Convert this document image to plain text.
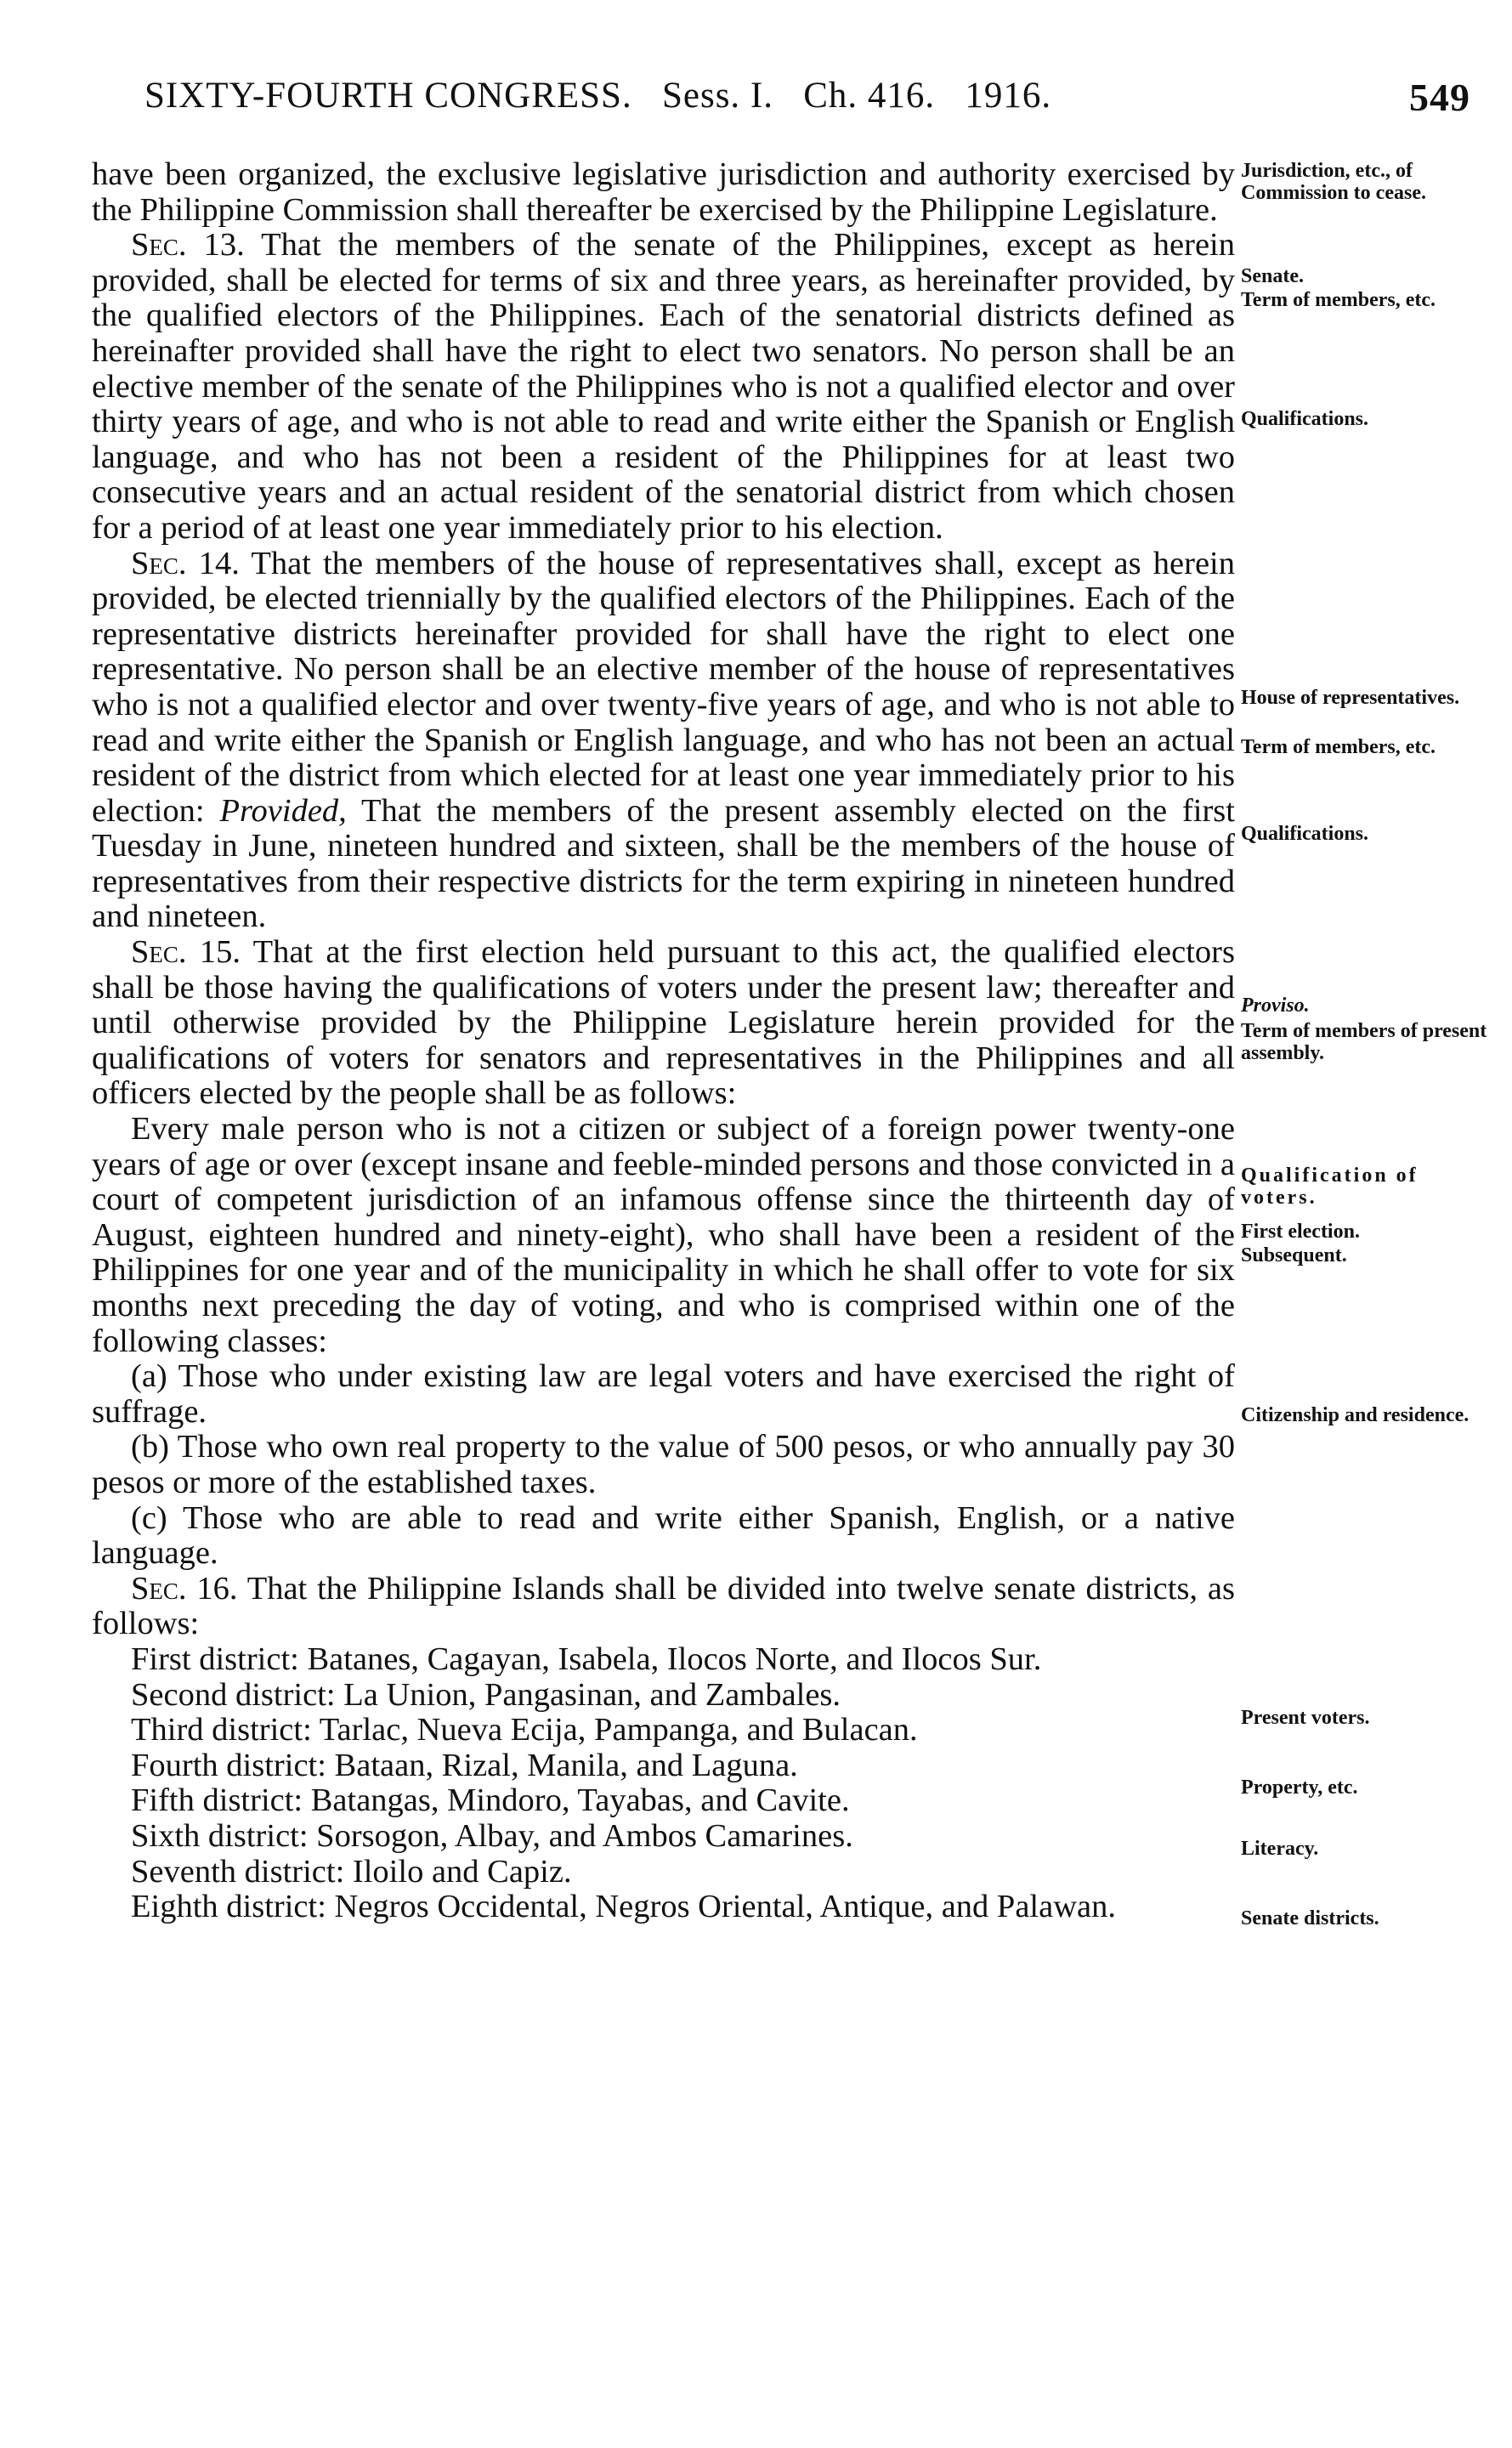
SIXTY-FOURTH CONGRESS.   Sess. I.   Ch. 416.   1916.	549

have been organized, the exclusive legislative jurisdiction and authority exercised by the Philippine Commission shall thereafter be exercised by the Philippine Legislature.

Sec. 13. That the members of the senate of the Philippines, except as herein provided, shall be elected for terms of six and three years, as hereinafter provided, by the qualified electors of the Philippines. Each of the senatorial districts defined as hereinafter provided shall have the right to elect two senators. No person shall be an elective member of the senate of the Philippines who is not a qualified elector and over thirty years of age, and who is not able to read and write either the Spanish or English language, and who has not been a resident of the Philippines for at least two consecutive years and an actual resident of the senatorial district from which chosen for a period of at least one year immediately prior to his election.

Sec. 14. That the members of the house of representatives shall, except as herein provided, be elected triennially by the qualified electors of the Philippines. Each of the representative districts hereinafter provided for shall have the right to elect one representative. No person shall be an elective member of the house of representatives who is not a qualified elector and over twenty-five years of age, and who is not able to read and write either the Spanish or English language, and who has not been an actual resident of the district from which elected for at least one year immediately prior to his election: Provided, That the members of the present assembly elected on the first Tuesday in June, nineteen hundred and sixteen, shall be the members of the house of representatives from their respective districts for the term expiring in nineteen hundred and nineteen.

Sec. 15. That at the first election held pursuant to this act, the qualified electors shall be those having the qualifications of voters under the present law; thereafter and until otherwise provided by the Philippine Legislature herein provided for the qualifications of voters for senators and representatives in the Philippines and all officers elected by the people shall be as follows:

Every male person who is not a citizen or subject of a foreign power twenty-one years of age or over (except insane and feeble-minded persons and those convicted in a court of competent jurisdiction of an infamous offense since the thirteenth day of August, eighteen hundred and ninety-eight), who shall have been a resident of the Philippines for one year and of the municipality in which he shall offer to vote for six months next preceding the day of voting, and who is comprised within one of the following classes:

(a) Those who under existing law are legal voters and have exercised the right of suffrage.

(b) Those who own real property to the value of 500 pesos, or who annually pay 30 pesos or more of the established taxes.

(c) Those who are able to read and write either Spanish, English, or a native language.

Sec. 16. That the Philippine Islands shall be divided into twelve senate districts, as follows:

First district: Batanes, Cagayan, Isabela, Ilocos Norte, and Ilocos Sur.

Second district: La Union, Pangasinan, and Zambales.

Third district: Tarlac, Nueva Ecija, Pampanga, and Bulacan.

Fourth district: Bataan, Rizal, Manila, and Laguna.

Fifth district: Batangas, Mindoro, Tayabas, and Cavite.

Sixth district: Sorsogon, Albay, and Ambos Camarines.

Seventh district: Iloilo and Capiz.

Eighth district: Negros Occidental, Negros Oriental, Antique, and Palawan.

Jurisdiction, etc., of Commission to cease.
Senate.
Term of members, etc.
Qualifications.
House of representatives.
Term of members, etc.
Qualifications.
Proviso.
Term of members of present assembly.
Qualification of voters.
First election.
Subsequent.
Citizenship and residence.
Present voters.
Property, etc.
Literacy.
Senate districts.
